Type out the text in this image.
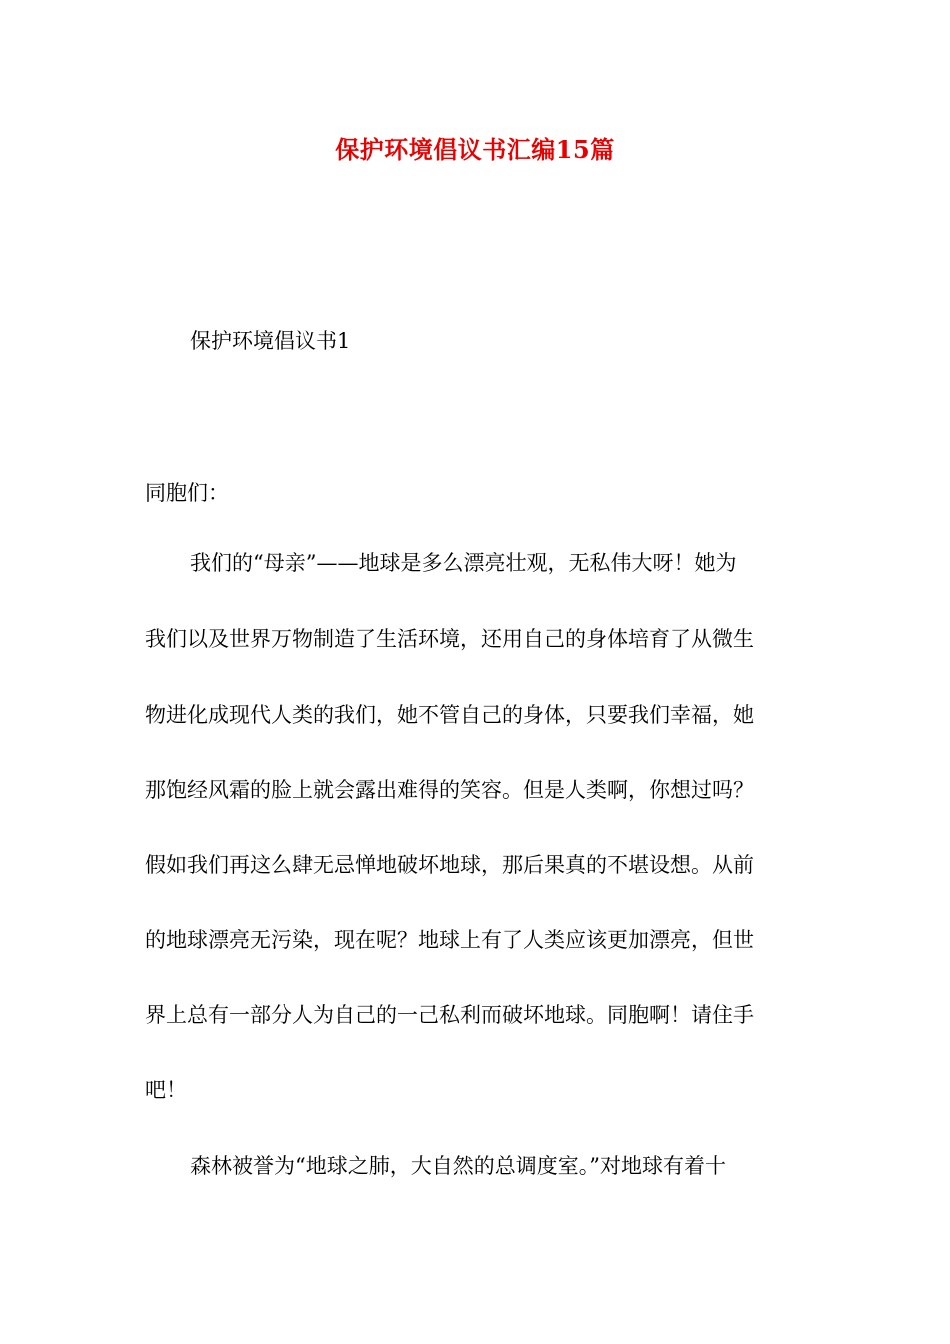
保护环境倡议书汇编15篇
保护环境倡议书1
同胞们：
我们的“母亲”——地球是多么漂亮壮观，无私伟大呀！她为
我们以及世界万物制造了生活环境，还用自己的身体培育了从微生
物进化成现代人类的我们，她不管自己的身体，只要我们幸福，她
那饱经风霜的脸上就会露出难得的笑容。但是人类啊，你想过吗？
假如我们再这么肆无忌惮地破坏地球，那后果真的不堪设想。从前
的地球漂亮无污染，现在呢？地球上有了人类应该更加漂亮，但世
界上总有一部分人为自己的一己私利而破坏地球。同胞啊！请住手
吧！
森林被誉为“地球之肺，大自然的总调度室。”对地球有着十
